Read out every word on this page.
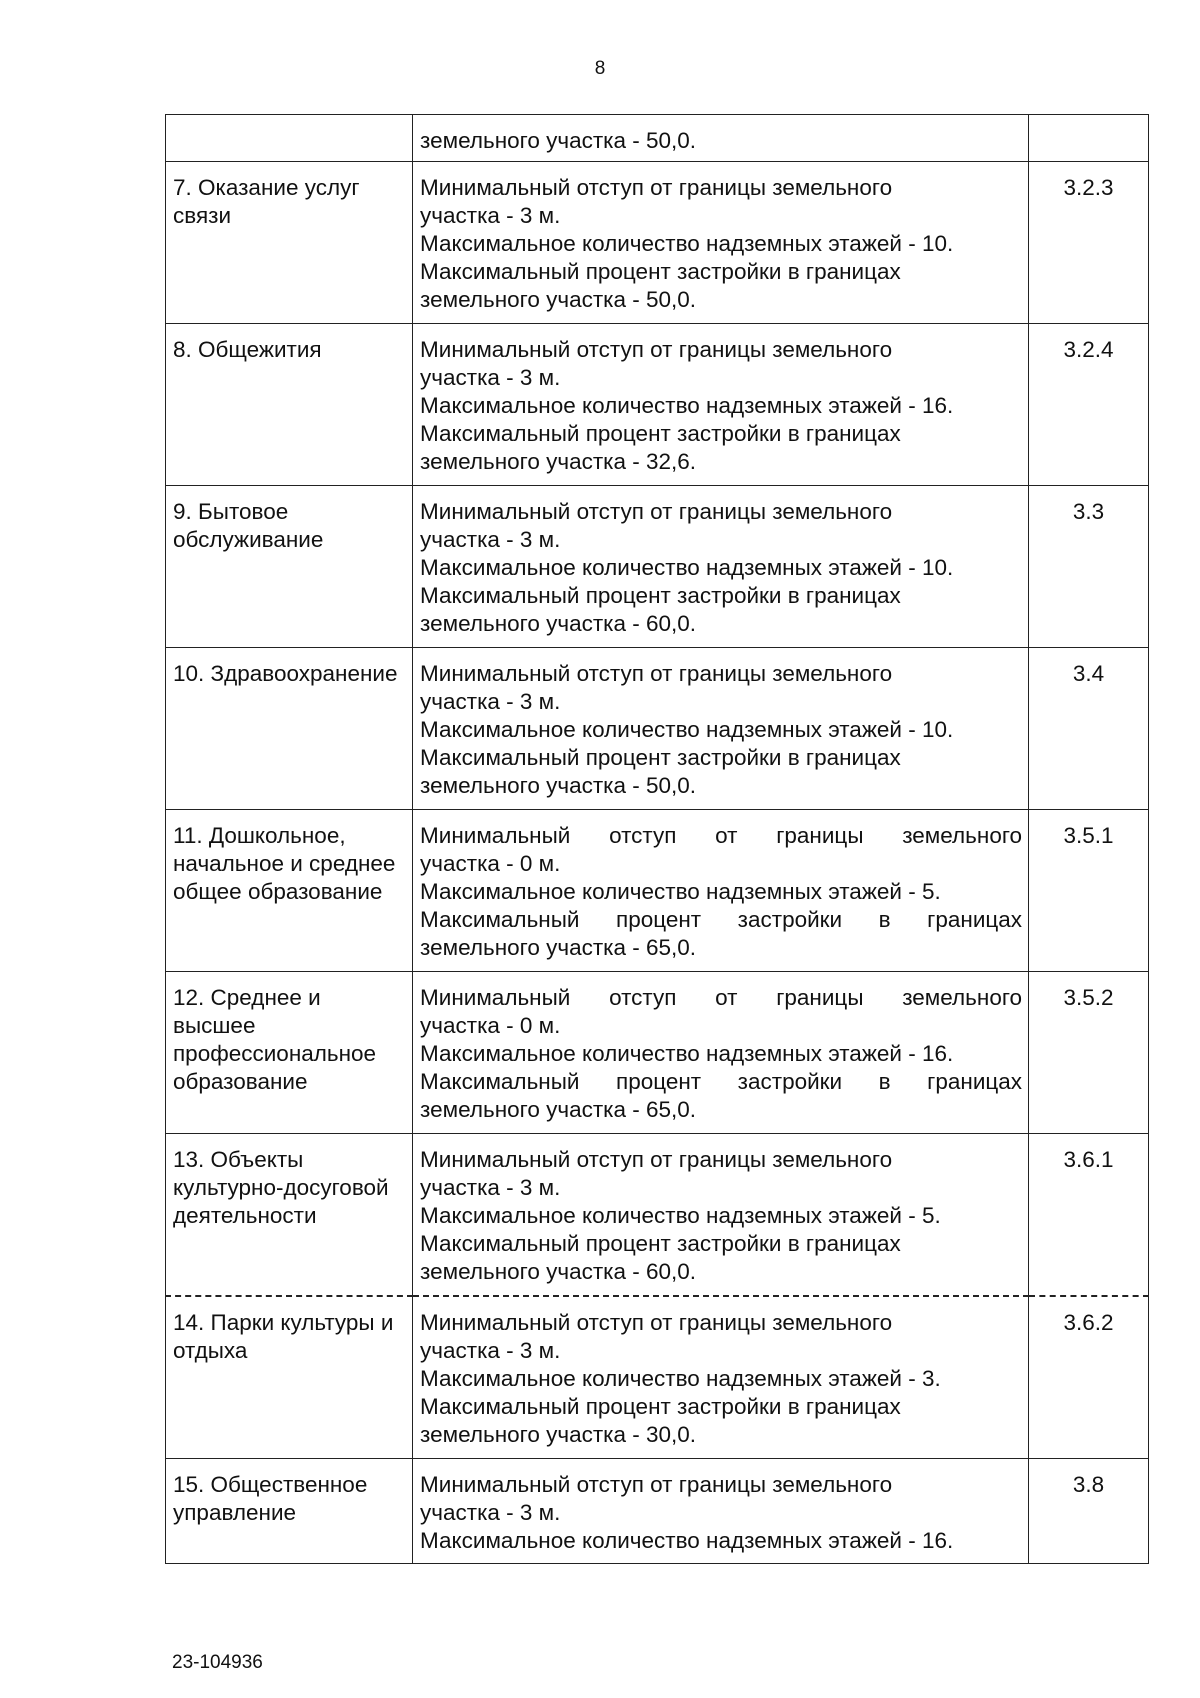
8

	земельного участка - 50,0.	

7. Оказание услуг связи	Минимальный отступ от границы земельного
участка - 3 м.
Максимальное количество надземных этажей - 10.
Максимальный процент застройки в границах
земельного участка - 50,0.	3.2.3
8. Общежития	Минимальный отступ от границы земельного
участка - 3 м.
Максимальное количество надземных этажей - 16.
Максимальный процент застройки в границах
земельного участка - 32,6.	3.2.4
9. Бытовое обслуживание	Минимальный отступ от границы земельного
участка - 3 м.
Максимальное количество надземных этажей - 10.
Максимальный процент застройки в границах
земельного участка - 60,0.	3.3
10. Здравоохранение	Минимальный отступ от границы земельного
участка - 3 м.
Максимальное количество надземных этажей - 10.
Максимальный процент застройки в границах
земельного участка - 50,0.	3.4
11. Дошкольное, начальное и среднее общее образование	Минимальный отступ от границы земельного
участка - 0 м.
Максимальное количество надземных этажей - 5.
Максимальный процент застройки в границах
земельного участка - 65,0.	3.5.1
12. Среднее и высшее профессиональное образование	Минимальный отступ от границы земельного
участка - 0 м.
Максимальное количество надземных этажей - 16.
Максимальный процент застройки в границах
земельного участка - 65,0.	3.5.2
13. Объекты культурно-досуговой деятельности	Минимальный отступ от границы земельного
участка - 3 м.
Максимальное количество надземных этажей - 5.
Максимальный процент застройки в границах
земельного участка - 60,0.	3.6.1
14. Парки культуры и отдыха	Минимальный отступ от границы земельного
участка - 3 м.
Максимальное количество надземных этажей - 3.
Максимальный процент застройки в границах
земельного участка - 30,0.	3.6.2
15. Общественное управление	Минимальный отступ от границы земельного
участка - 3 м.
Максимальное количество надземных этажей - 16.	3.8
23-104936
